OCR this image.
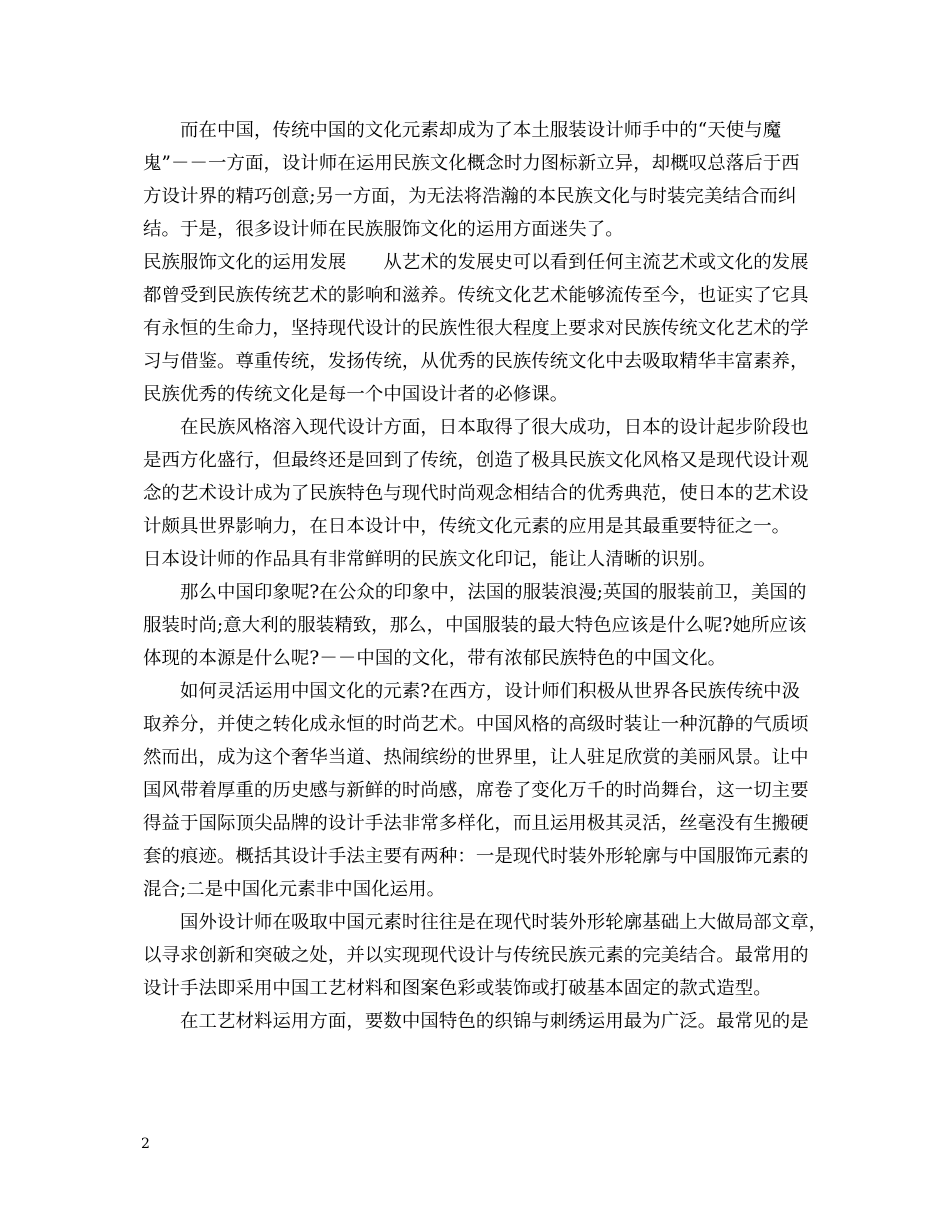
而在中国，传统中国的文化元素却成为了本土服装设计师手中的“天使与魔
鬼”－－一方面，设计师在运用民族文化概念时力图标新立异，却概叹总落后于西
方设计界的精巧创意;另一方面，为无法将浩瀚的本民族文化与时装完美结合而纠
结。于是，很多设计师在民族服饰文化的运用方面迷失了。

民族服饰文化的运用发展　　从艺术的发展史可以看到任何主流艺术或文化的发展
都曾受到民族传统艺术的影响和滋养。传统文化艺术能够流传至今，也证实了它具
有永恒的生命力，坚持现代设计的民族性很大程度上要求对民族传统文化艺术的学
习与借鉴。尊重传统，发扬传统，从优秀的民族传统文化中去吸取精华丰富素养，
民族优秀的传统文化是每一个中国设计者的必修课。

在民族风格溶入现代设计方面，日本取得了很大成功，日本的设计起步阶段也
是西方化盛行，但最终还是回到了传统，创造了极具民族文化风格又是现代设计观
念的艺术设计成为了民族特色与现代时尚观念相结合的优秀典范，使日本的艺术设
计颇具世界影响力，在日本设计中，传统文化元素的应用是其最重要特征之一。
日本设计师的作品具有非常鲜明的民族文化印记，能让人清晰的识别。

那么中国印象呢?在公众的印象中，法国的服装浪漫;英国的服装前卫，美国的
服装时尚;意大利的服装精致，那么，中国服装的最大特色应该是什么呢?她所应该
体现的本源是什么呢?－－中国的文化，带有浓郁民族特色的中国文化。

如何灵活运用中国文化的元素?在西方，设计师们积极从世界各民族传统中汲
取养分，并使之转化成永恒的时尚艺术。中国风格的高级时装让一种沉静的气质顷
然而出，成为这个奢华当道、热闹缤纷的世界里，让人驻足欣赏的美丽风景。让中
国风带着厚重的历史感与新鲜的时尚感，席卷了变化万千的时尚舞台，这一切主要
得益于国际顶尖品牌的设计手法非常多样化，而且运用极其灵活，丝毫没有生搬硬
套的痕迹。概括其设计手法主要有两种：一是现代时装外形轮廓与中国服饰元素的
混合;二是中国化元素非中国化运用。

国外设计师在吸取中国元素时往往是在现代时装外形轮廓基础上大做局部文章，
以寻求创新和突破之处，并以实现现代设计与传统民族元素的完美结合。最常用的
设计手法即采用中国工艺材料和图案色彩或装饰或打破基本固定的款式造型。

在工艺材料运用方面，要数中国特色的织锦与刺绣运用最为广泛。最常见的是

2
